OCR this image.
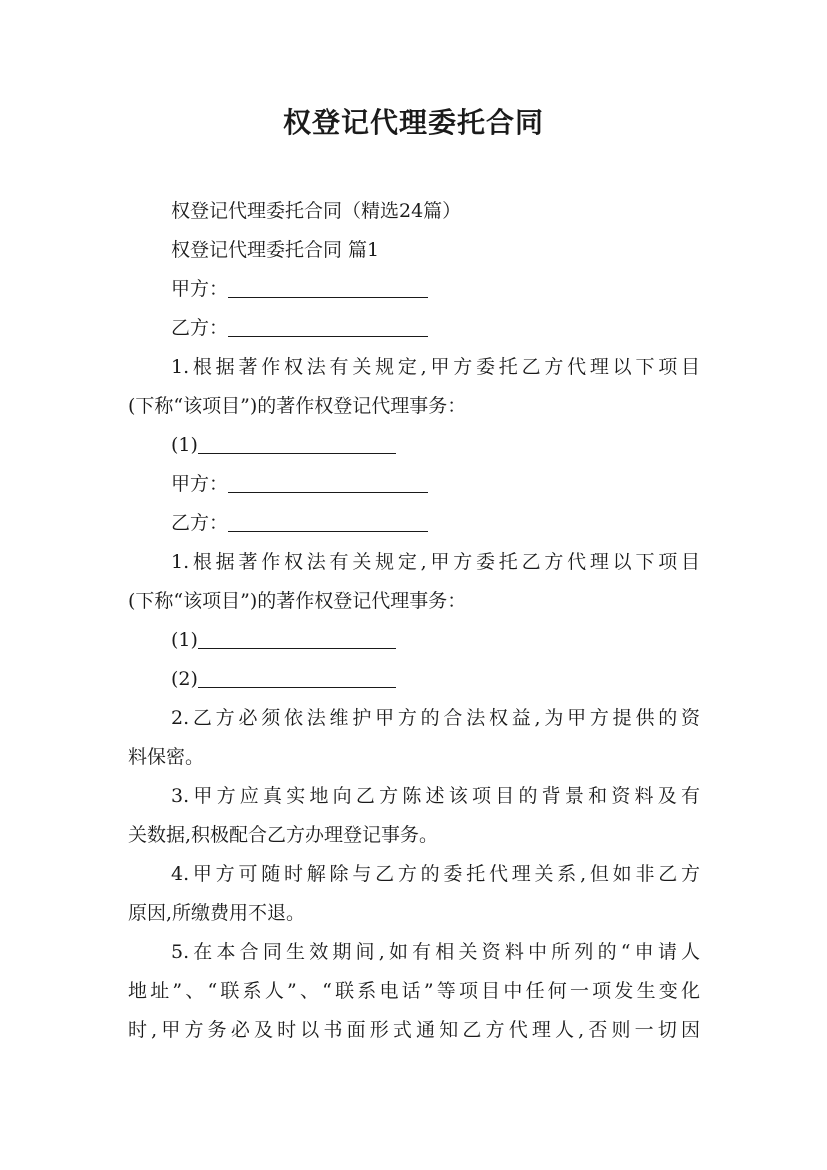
权登记代理委托合同
权登记代理委托合同（精选24篇）
权登记代理委托合同 篇1
甲方：
乙方：
1.根据著作权法有关规定,甲方委托乙方代理以下项目
(下称“该项目”)的著作权登记代理事务：
(1)
甲方：
乙方：
1.根据著作权法有关规定,甲方委托乙方代理以下项目
(下称“该项目”)的著作权登记代理事务：
(1)
(2)
2.乙方必须依法维护甲方的合法权益,为甲方提供的资
料保密。
3.甲方应真实地向乙方陈述该项目的背景和资料及有
关数据,积极配合乙方办理登记事务。
4.甲方可随时解除与乙方的委托代理关系,但如非乙方
原因,所缴费用不退。
5.在本合同生效期间,如有相关资料中所列的“申请人
地址”、“联系人”、“联系电话”等项目中任何一项发生变化
时,甲方务必及时以书面形式通知乙方代理人,否则一切因
